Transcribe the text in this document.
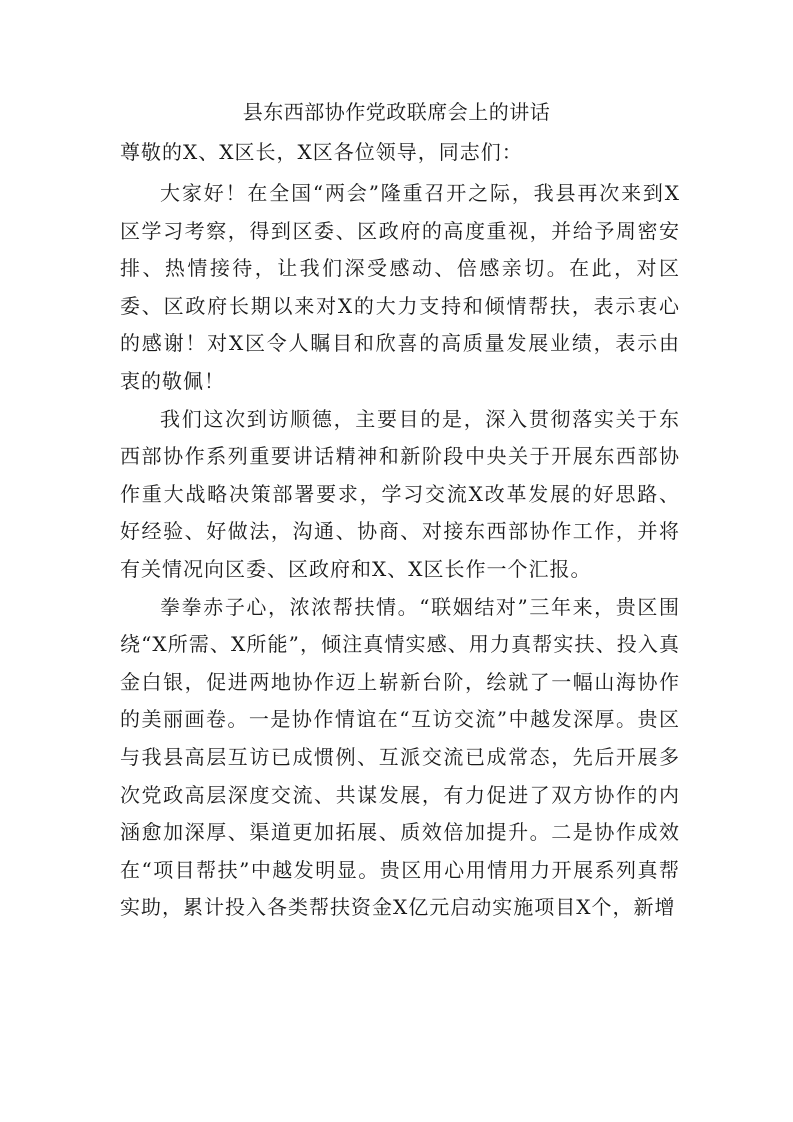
县东西部协作党政联席会上的讲话
尊敬的X、X区长，X区各位领导，同志们：

大家好！在全国“两会”隆重召开之际，我县再次来到X区学习考察，得到区委、区政府的高度重视，并给予周密安排、热情接待，让我们深受感动、倍感亲切。在此，对区委、区政府长期以来对X的大力支持和倾情帮扶，表示衷心的感谢！对X区令人瞩目和欣喜的高质量发展业绩，表示由衷的敬佩！

我们这次到访顺德，主要目的是，深入贯彻落实关于东西部协作系列重要讲话精神和新阶段中央关于开展东西部协作重大战略决策部署要求，学习交流X改革发展的好思路、好经验、好做法，沟通、协商、对接东西部协作工作，并将有关情况向区委、区政府和X、X区长作一个汇报。

拳拳赤子心，浓浓帮扶情。“联姻结对”三年来，贵区围绕“X所需、X所能”，倾注真情实感、用力真帮实扶、投入真金白银，促进两地协作迈上崭新台阶，绘就了一幅山海协作的美丽画卷。一是协作情谊在“互访交流”中越发深厚。贵区与我县高层互访已成惯例、互派交流已成常态，先后开展多次党政高层深度交流、共谋发展，有力促进了双方协作的内涵愈加深厚、渠道更加拓展、质效倍加提升。二是协作成效在“项目帮扶”中越发明显。贵区用心用情用力开展系列真帮实助，累计投入各类帮扶资金X亿元启动实施项目X个，新增
